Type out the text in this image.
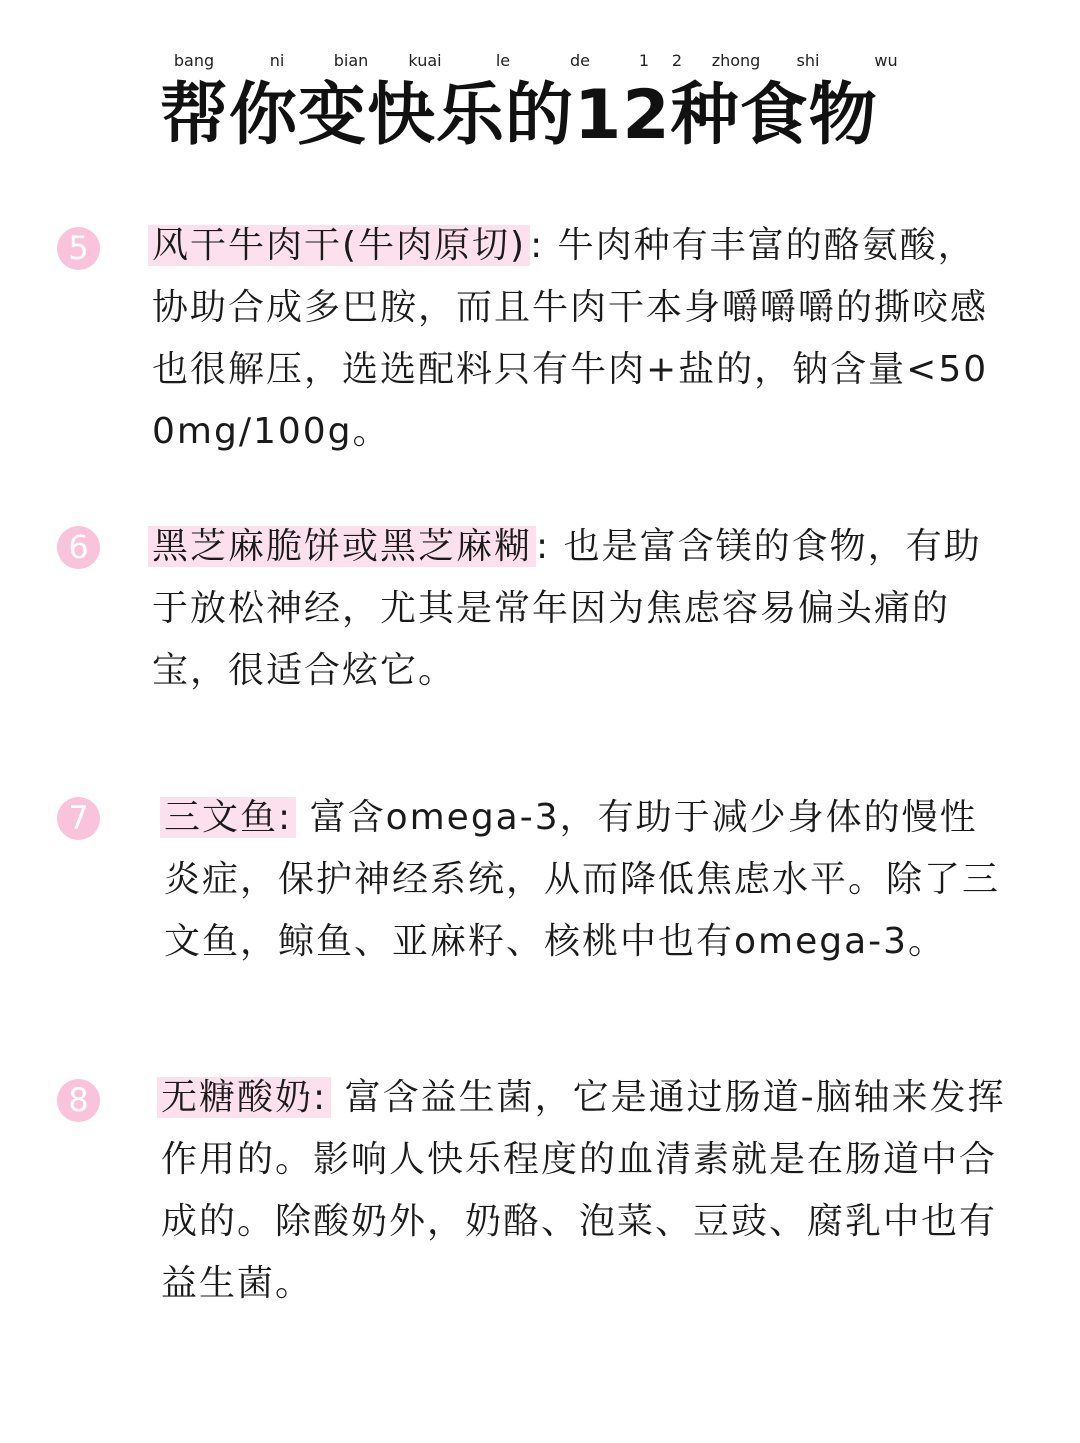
bang	ni	bian	kuai	le	de	1 2 zhong shi	wu
帮你变快乐的12种食物
5	风干牛肉干(牛肉原切) : 牛肉种有丰富的酪氨酸，协助合成多巴胺，而且牛肉干本身嚼嚼嚼的撕咬感也很解压，选选配料只有牛肉+盐的，钠含量<500mg/100g。
6	黑芝麻脆饼或黑芝麻糊 : 也是富含镁的食物，有助于放松神经，尤其是常年因为焦虑容易偏头痛的宝，很适合炫它。
7	三文鱼: 富含omega-3，有助于减少身体的慢性炎症，保护神经系统，从而降低焦虑水平。除了三文鱼，鲸鱼、亚麻籽、核桃中也有omega-3。
8	无糖酸奶: 富含益生菌，它是通过肠道-脑轴来发挥作用的。影响人快乐程度的血清素就是在肠道中合成的。除酸奶外，奶酪、泡菜、豆豉、腐乳中也有益生菌。
